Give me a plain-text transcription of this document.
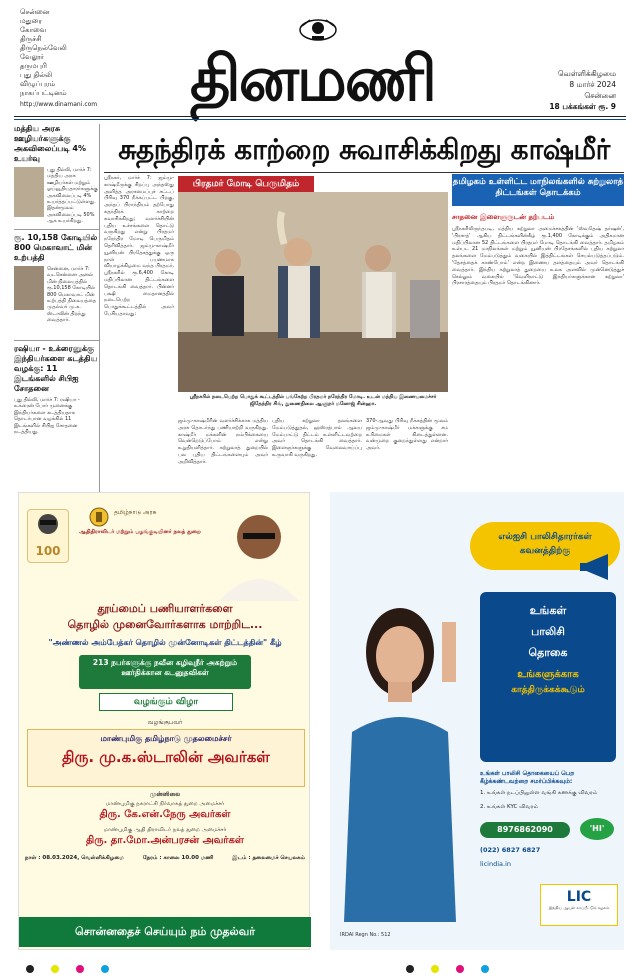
சென்னை
மதுரை
கோவை
திருச்சி
திருநெல்வேலி
வேலூர்
தருமபுரி
புது தில்லி
விழுப்புரம்
நாகப்பட்டினம்
http://www.dinamani.com தினமணி	வெள்ளிக்கிழமை
8 மார்ச் 2024
சென்னை
18 பக்கங்கள் ரூ. 9
மத்திய அரசு ஊழியர்களுக்கு அகவிலைப்படி 4% உயர்வு
புது தில்லி, மார்ச் 7: மத்திய அரசு ஊழியர்கள் மற்றும் ஓய்வூதியதாரர்களுக்கு அகவிலைப்படி 4% உயர்த்தப்பட்டுள்ளது. இதன்மூலம் அகவிலைப்படி 50% ஆக உயர்கிறது.
ரூ. 10,158 கோடியில் 800 மெகாவாட் மின் உற்பத்தி
சென்னை, மார்ச் 7: வடசென்னை அனல் மின் நிலையத்தில் ரூ.10,158 கோடியில் 800 மெகாவாட் மின் உற்பத்தி நிலையத்தை முதல்வர் மு.க. ஸ்டாலின் திறந்து வைத்தார்.
ரஷியா - உக்ரைனுக்கு இந்தியர்களை கடத்திய வழக்கு: 11 இடங்களில் சிபிஐ சோதனை
புது தில்லி, மார்ச் 7: ரஷியா - உக்ரைன் போர் முனைக்கு இந்தியர்களை கடத்தியதாக தொடர்பான வழக்கில் 11 இடங்களில் சிபிஐ சோதனை நடத்தியது.
சுதந்திரக் காற்றை சுவாசிக்கிறது காஷ்மீர்
ஸ்ரீநகர், மார்ச் 7: ஜம்மு-காஷ்மீருக்கு சிறப்பு அந்தஸ்து அளித்த அரசமைப்புச் சட்டப் பிரிவு 370 நீக்கப்பட்ட பிறகு, அந்தப் பிராந்தியம் தற்போது சுதந்திரக் காற்றை சுவாசிக்கிறது; வளர்ச்சியின் புதிய உச்சங்களை தொட்டு வருகிறது என்று பிரதமர் நரேந்திர மோடி பெருமிதம் தெரிவித்தார். ஜம்மு-காஷ்மீர் யூனியன் பிரதேசத்துக்கு ஒரு நாள் பயணமாக வியாழக்கிழமை வந்த பிரதமர், ஸ்ரீநகரில் ரூ.6,400 கோடி மதிப்பிலான திட்டங்களை தொடங்கி வைத்தார். பின்னர் பக்ஷி மைதானத்தில் நடைபெற்ற பொதுக்கூட்டத்தில் அவர் பேசியதாவது:
பிரதமர் மோடி பெருமிதம்
ஸ்ரீநகரில் நடைபெற்ற பொதுக் கூட்டத்தில் பங்கேற்ற பிரதமர் நரேந்திர மோடி. உடன் மத்திய இணையமைச்சர் ஜிதேந்திர சிங், துணைநிலை ஆளுநர் மனோஜ் சின்ஹா.
ஜம்மு-காஷ்மீரின் வளர்ச்சிக்காக மத்திய அரசு தொடர்ந்து பணியாற்றி வருகிறது. காஷ்மீர் மக்களின் நம்பிக்கையை வென்றெடுப்போம் என்று உறுதியளித்தார். சுற்றுலாத் துறையில் பல புதிய திட்டங்களையும் அவர் அறிவித்தார்.
புதிய சுற்றுலா தலங்களை மேம்படுத்துதல், ஹஸ்ரத்பால் ஆலய மேம்பாட்டு திட்டம் உள்ளிட்டவற்றை அவர் தொடங்கி வைத்தார். இளைஞர்களுக்கு வேலைவாய்ப்பு உருவாகி வருகிறது.
370-ஆவது பிரிவு நீக்கத்தின் மூலம் ஜம்மு-காஷ்மீர் மக்களுக்கு சம உரிமைகள் கிடைத்துள்ளன. வன்முறை குறைந்துள்ளது என்றார் அவர்.
தமிழகம் உள்ளிட்ட மாநிலங்களில் சுற்றுலாத் திட்டங்கள் தொடக்கம்
சாதனை இளைஞருடன் தற்படம்
ஸ்ரீநகரிலிருந்தபடி, மத்திய சுற்றுலா அமைச்சகத்தின் 'ஸ்வதேஷ் தர்ஷன்', 'பிரசாத்' ஆகிய திட்டங்களின்கீழ் ரூ.1,400 கோடிக்கும் அதிகமான மதிப்பிலான 52 திட்டங்களை பிரதமர் மோடி தொடங்கி வைத்தார். தமிழகம் உள்பட 21 மாநிலங்கள் மற்றும் யூனியன் பிரதேசங்களில் புதிய சுற்றுலா தலங்களை மேம்படுத்தும் வகையில் இத்திட்டங்கள் செயல்படுத்தப்படும். 'தேசத்தைக் காண்போம்' என்ற இணைய தளத்தையும் அவர் தொடங்கி வைத்தார். இந்திய சுற்றுலாத் துறையை உலக அளவில் முன்னெடுத்துச் செல்லும் வகையில் 'வெளிநாட்டு இந்தியர்களுக்கான சுற்றுலா' பிரசாரத்தையும் பிரதமர் தொடங்கினார்.
100
தமிழ்நாடு அரசு
ஆதிதிராவிடர் மற்றும் பழங்குடியினர் நலத் துறை
தூய்மைப் பணியாளர்களை
தொழில் முனைவோர்களாக மாற்றிட...
"அண்ணல் அம்பேத்கர் தொழில் முன்னோடிகள் திட்டத்தின்" கீழ்
213 நபர்களுக்கு நவீன கழிவுநீர் அகற்றும் ஊர்திக்கான கடனுதவிகள்
வழங்கும் விழா
வழங்குபவர்
மாண்புமிகு தமிழ்நாடு முதலமைச்சர்
திரு. மு.க.ஸ்டாலின் அவர்கள்
முன்னிலை
மாண்புமிகு நகராட்சி நிர்வாகத் துறை அமைச்சர்
திரு. கே.என்.நேரு அவர்கள்
மாண்புமிகு ஆதி திராவிடர் நலத் துறை அமைச்சர்
திரு. தா.மோ.அன்பரசன் அவர்கள்
நாள் : 08.03.2024, வெள்ளிக்கிழமை	நேரம் : காலை 10.00 மணி	இடம் : தலைமைச் செயலகம்
சொன்னதைச் செய்யும் நம் முதல்வர்
எல்ஐசி பாலிசிதாரர்கள்
கவனத்திற்கு
உங்கள்
பாலிசி
தொகை
உங்களுக்காக
காத்திருக்கக்கூடும்
உங்கள் பாலிசி தொகையைப் பெற கீழ்க்கண்டவற்றை சமர்ப்பிக்கவும்:
1. உங்கள் நடப்பிலுள்ள வங்கி கணக்கு விவரம்
2. உங்கள் KYC விவரம்
8976862090	'HI'
(022) 6827 6827
licindia.in
LIC
இந்திய ஆயுள் காப்பீட்டுக் கழகம்
IRDAI Regn No.: 512
